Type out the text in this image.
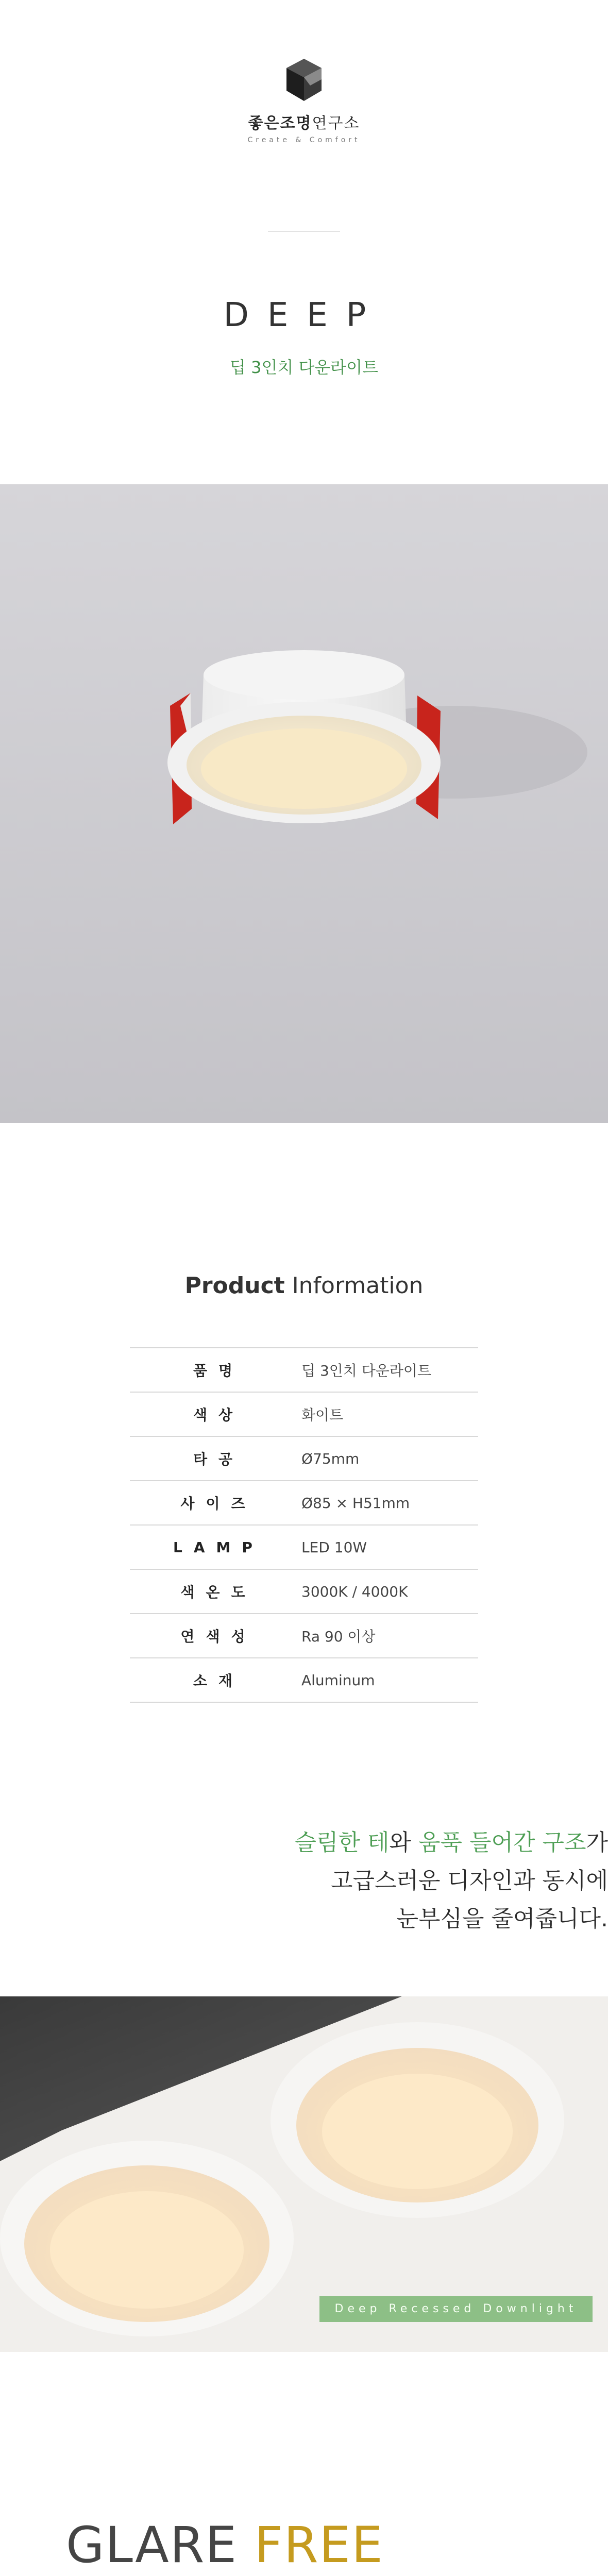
좋은조명연구소
Create & Comfort
DEEP
딥 3인치 다운라이트
Product Information
품명	딥 3인치 다운라이트
색상	화이트
타공	Ø75mm
사이즈	Ø85 × H51mm
LAMP	LED 10W
색온도	3000K / 4000K
연색성	Ra 90 이상
소재	Aluminum
슬림한 테와 움푹 들어간 구조가
고급스러운 디자인과 동시에
눈부심을 줄여줍니다.
Deep Recessed Downlight
GLARE FREE
